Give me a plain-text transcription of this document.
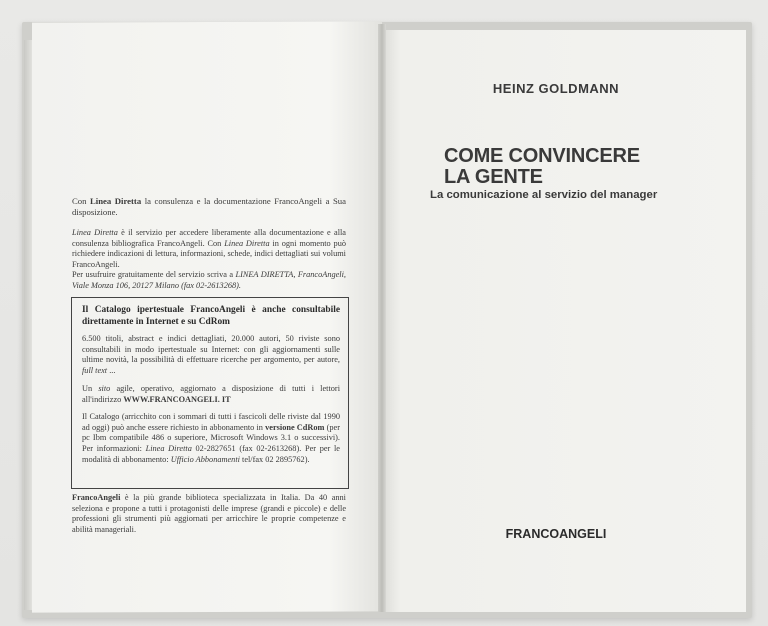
Con Linea Diretta la consulenza e la documentazione FrancoAngeli a Sua disposizione.
Linea Diretta è il servizio per accedere liberamente alla documentazione e alla consulenza bibliografica FrancoAngeli. Con Linea Diretta in ogni momento può richiedere indicazioni di lettura, informazioni, schede, indici dettagliati sui volumi FrancoAngeli.
Per usufruire gratuitamente del servizio scriva a LINEA DIRETTA, FrancoAngeli, Viale Monza 106, 20127 Milano (fax 02-2613268).
Il Catalogo ipertestuale FrancoAngeli è anche consultabile direttamente in Internet e su CdRom
6.500 titoli, abstract e indici dettagliati, 20.000 autori, 50 riviste sono consultabili in modo ipertestuale su Internet: con gli aggiornamenti sulle ultime novità, la possibilità di effettuare ricerche per argomento, per autore, full text ...
Un sito agile, operativo, aggiornato a disposizione di tutti i lettori all'indirizzo WWW.FRANCOANGELI. IT
Il Catalogo (arricchito con i sommari di tutti i fascicoli delle riviste dal 1990 ad oggi) può anche essere richiesto in abbonamento in versione CdRom (per pc Ibm compatibile 486 o superiore, Microsoft Windows 3.1 o successivi). Per informazioni: Linea Diretta 02-2827651 (fax 02-2613268). Per per le modalità di abbonamento: Ufficio Abbonamenti tel/fax 02 2895762).
FrancoAngeli è la più grande biblioteca specializzata in Italia. Da 40 anni seleziona e propone a tutti i protagonisti delle imprese (grandi e piccole) e delle professioni gli strumenti più aggiornati per arricchire le proprie competenze e abilità manageriali.
HEINZ GOLDMANN
COME CONVINCERE
LA GENTE
La comunicazione al servizio del manager
FRANCOANGELI
